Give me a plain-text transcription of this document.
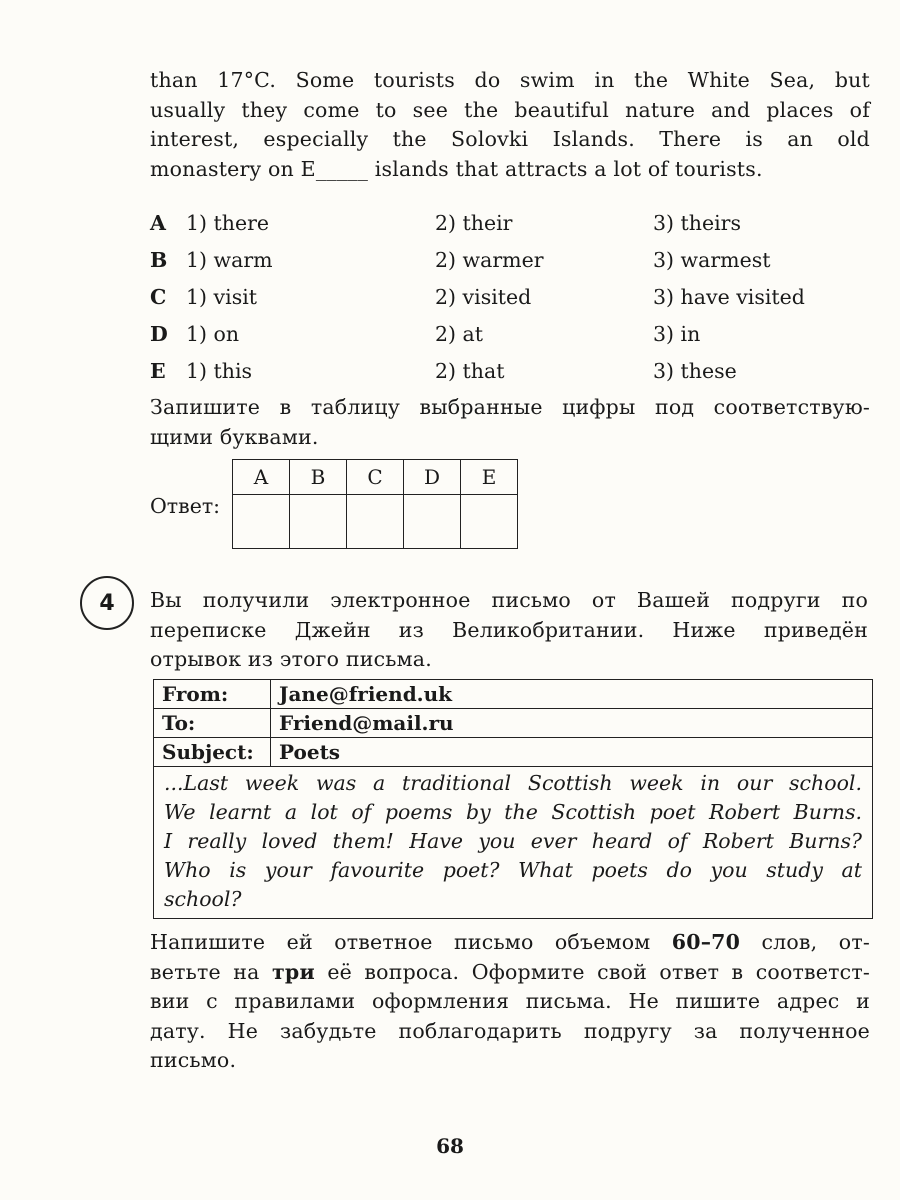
than 17°C. Some tourists do swim in the White Sea, but
usually they come to see the beautiful nature and places of
interest, especially the Solovki Islands. There is an old
monastery on E_____ islands that attracts a lot of tourists.
A 1) there	2) their	3) theirs
B 1) warm	2) warmer	3) warmest
C 1) visit	2) visited	3) have visited
D 1) on	2) at	3) in
E 1) this	2) that	3) these
Запишите в таблицу выбранные цифры под соответствую-
щими буквами.
Ответ:
A	B	C	D	E

4	Вы получили электронное письмо от Вашей подруги по
переписке Джейн из Великобритании. Ниже приведён
отрывок из этого письма.
From:	Jane@friend.uk
To:	Friend@mail.ru
Subject:	Poets

...Last week was a traditional Scottish week in our school.
We learnt a lot of poems by the Scottish poet Robert Burns.
I really loved them! Have you ever heard of Robert Burns?
Who is your favourite poet? What poets do you study at
school?	
Напишите ей ответное письмо объемом 60–70 слов, от-
ветьте на три её вопроса. Оформите свой ответ в соответст-
вии с правилами оформления письма. Не пишите адрес и
дату. Не забудьте поблагодарить подругу за полученное
письмо.
68
